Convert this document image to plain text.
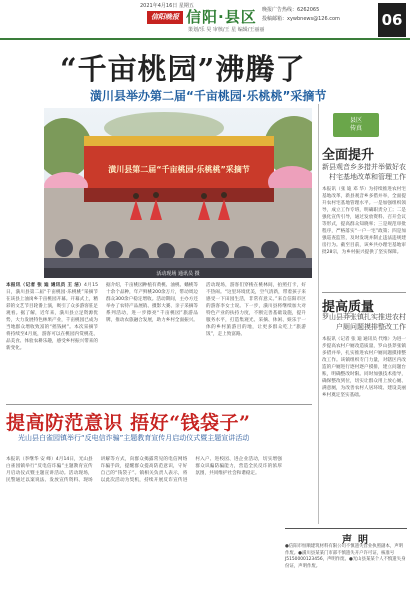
2021年4月16日 星期五
信阳晚报 信阳·县区
策划/乐 昊 审核/王 星 编辑/王丽丽
晚报广告热线：6262065
投稿邮箱：xywbnews@126.com	06
“千亩桃园”沸腾了
潢川县举办第二届“千亩桃园·乐桃桃”采摘节
潢川县第二届“千亩桃园·乐桃桃”采摘节
活动现场 通讯员 摄
本报讯（记者 张 迪 通讯员 王 洁）4月15日，潢川县第二届“千亩桃园·乐桃桃”采摘节在该县上油岗乡千亩桃园开幕。开幕式上，精彩的文艺节目轮番上演，吸引了众多游客驻足观看。据了解，近年来，潢川县立足资源优势，大力发展特色林果产业，千亩桃园已成为当地群众增收致富的“摇钱树”。本次采摘节将持续至4月底，游客可以在桃园内赏桃花、品美食、体验农耕乐趣，感受乡村振兴带来的新变化。
据介绍，千亩桃园种植有黄桃、油桃、蟠桃等十余个品种，年产鲜桃200余万斤，带动周边群众300余户稳定增收。活动期间，主办方还举办了农特产品展销、摄影大赛、亲子采摘等系列活动，进一步擦亮“千亩桃园”旅游品牌，推动农旅融合发展，助力乡村全面振兴。
活动现场，游客们穿梭在桃林间，拍照打卡，好不热闹。“这里环境优美，空气清新，带着孩子来感受一下田园生活，非常有意义。”来自信阳市区的游客李女士说。下一步，潢川县将继续加大对特色产业的扶持力度，不断完善基础设施，提升服务水平，打造集观光、采摘、休闲、娱乐于一体的乡村旅游目的地，让更多群众吃上“旅游饭”，走上致富路。
县区
传真
全面提升
新县观音乡多措并举做好农村宅基地改革和管理工作
本报讯（张 迪 邓 华）为持续推进农村宅基地改革，新县观音乡多措并举，全面提升农村宅基地管理水平。一是加强组织领导，成立工作专班，明确职责分工；二是强化宣传引导，通过发放资料、召开会议等形式，提高群众知晓率；三是规范审批程序，严格落实“一户一宅”政策；四是加强巡查监管，及时发现并制止违法违规建房行为。截至目前，该乡共办理宅基地审批28宗，为乡村振兴提供了坚实保障。
提高质量
罗山县莽张镇扎实推进农村户厕问题摸排整改工作
本报讯（记者 张 迪 通讯员 代维）为进一步提高农村户厕改造质量，罗山县莽张镇多措并举，扎实推进农村户厕问题摸排整改工作。该镇组织专门力量，对辖区内改造的户厕进行逐村逐户摸排，建立问题台账，明确整改时限。同时加强技术指导，确保整改到位，切实让群众用上放心厕、满意厕，为改善农村人居环境、建设美丽乡村奠定坚实基础。
提高防范意识 捂好“钱袋子”
光山县白雀园镇举行“反电信诈骗”主题教育宣传月启动仪式暨主题宣讲活动
本报讯（李继华 安 峰）4月14日，光山县白雀园镇举行“反电信诈骗”主题教育宣传月启动仪式暨主题宣讲活动。活动现场，民警通过以案说法、发放宣传资料、现场讲解等方式，向群众揭露常见的电信网络诈骗手段，提醒群众提高防范意识，守好自己的“钱袋子”。镇相关负责人表示，将以此次活动为契机，持续开展反诈宣传进村入户、进校园、进企业活动，切实增强群众识骗防骗能力，营造全民反诈的浓厚氛围，共同维护社会和谐稳定。
声明
●信阳市恒顺建筑材料有限公司不慎遗失营业执照副本，声明作废。●潢川县某某门市部不慎遗失开户许可证，核准号J5150000123456，声明作废。●光山县某某个人不慎遗失身份证，声明作废。
